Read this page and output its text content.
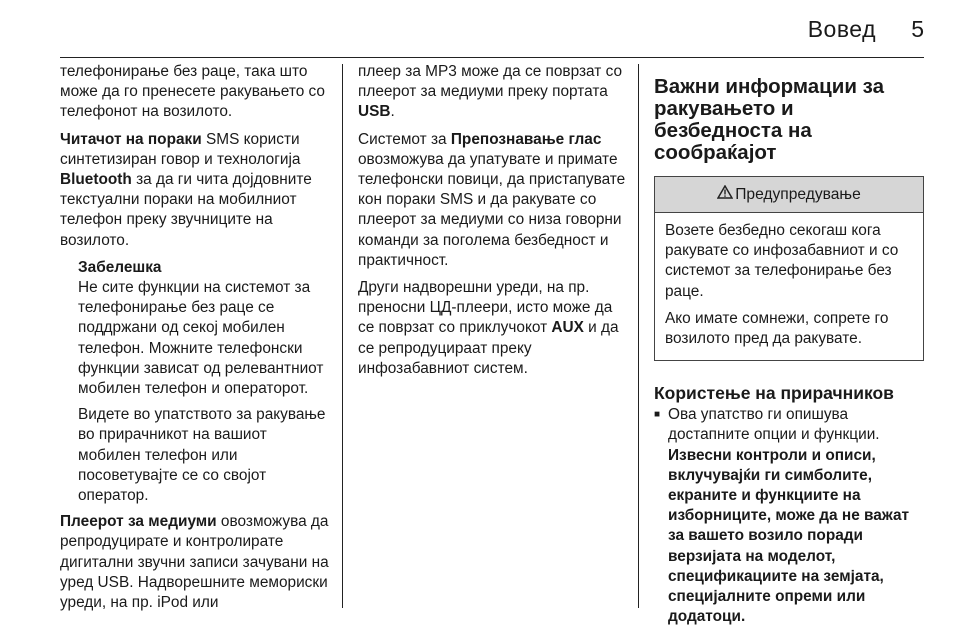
Вовед 5

телефонирање без раце, така што може да го пренесете ракувањето со телефонот на возилото.

Читачот на пораки SMS користи синтетизиран говор и технологија Bluetooth за да ги чита дојдовните текстуални пораки на мобилниот телефон преку звучниците на возилото.

Забелешка
Не сите функции на системот за телефонирање без раце се поддржани од секој мобилен телефон. Можните телефонски функции зависат од релевантниот мобилен телефон и операторот.

Видете во упатството за ракување во прирачникот на вашиот мобилен телефон или посоветувајте се со својот оператор.

Плеерот за медиуми овозможува да репродуцирате и контролирате дигитални звучни записи зачувани на уред USB. Надворешните мемориски уреди, на пр. iPod или

плеер за MP3 може да се поврзат со плеерот за медиуми преку портата USB.

Системот за Препознавање глас овозможува да упатувате и примате телефонски повици, да пристапувате кон пораки SMS и да ракувате со плеерот за медиуми со низа говорни команди за поголема безбедност и практичност.

Други надворешни уреди, на пр. преносни ЦД-плеери, исто може да се поврзат со приклучокот AUX и да се репродуцираат преку инфозабавниот систем.

Важни информации за ракувањето и безбедноста на сообраќајот
Предупредување

Возете безбедно секогаш кога ракувате со инфозабавниот и со системот за телефонирање без раце.

Ако имате сомнежи, сопрете го возилото пред да ракувате.

Користење на прирачников
■ Ова упатство ги опишува достапните опции и функции.

Извесни контроли и описи, вклучувајќи ги симболите, екраните и функциите на изборниците, може да не важат за вашето возило поради верзијата на моделот, спецификациите на земјата, специјалните опреми или додатоци.
